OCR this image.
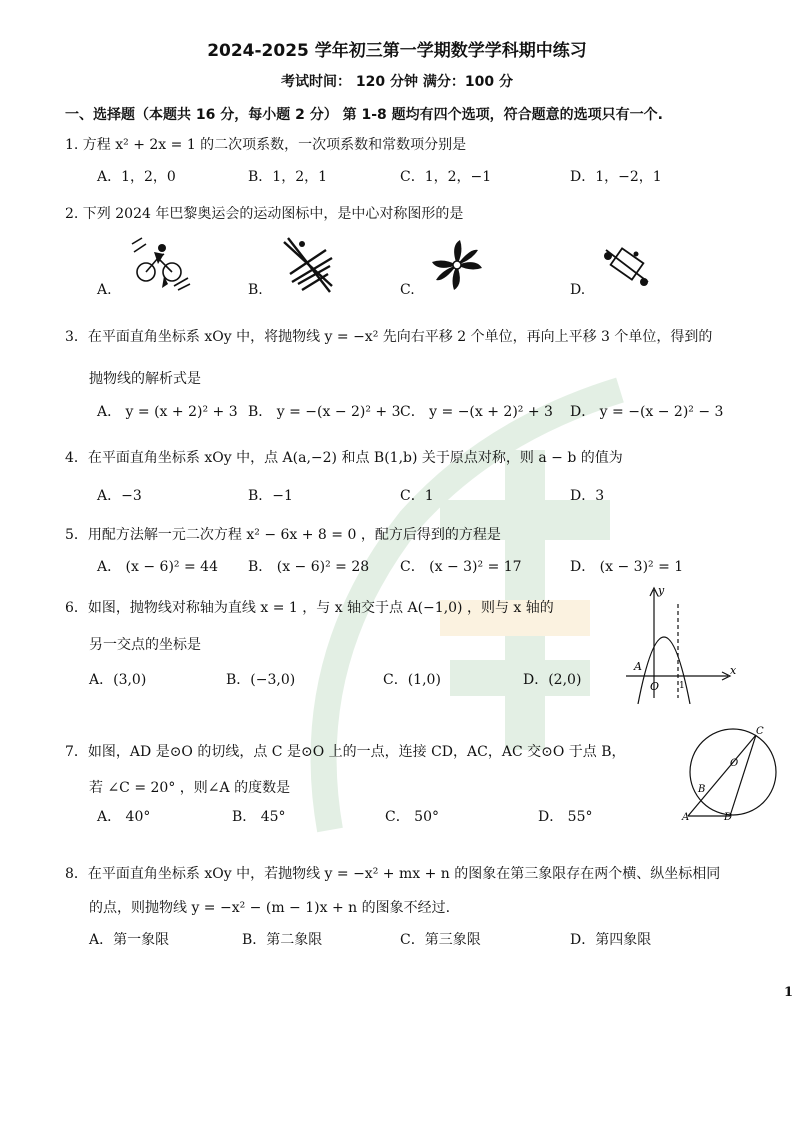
2024-2025 学年初三第一学期数学学科期中练习
考试时间： 120 分钟 满分：100 分
一、选择题（本题共 16 分，每小题 2 分） 第 1-8 题均有四个选项，符合题意的选项只有一个.
1. 方程 x² + 2x = 1 的二次项系数，一次项系数和常数项分别是
A．1，2，0	B．1，2，1	C．1，2，−1	D．1，−2，1
2. 下列 2024 年巴黎奥运会的运动图标中，是中心对称图形的是
A.	B.	C.	D.
3．在平面直角坐标系 xOy 中，将抛物线 y = −x² 先向右平移 2 个单位，再向上平移 3 个单位，得到的
抛物线的解析式是
A． y = (x + 2)² + 3 B． y = −(x − 2)² + 3 C． y = −(x + 2)² + 3 D． y = −(x − 2)² − 3
4．在平面直角坐标系 xOy 中，点 A(a,−2) 和点 B(1,b) 关于原点对称，则 a − b 的值为
A．−3	B．−1	C．1	D．3
5．用配方法解一元二次方程 x² − 6x + 8 = 0 ，配方后得到的方程是
A． (x − 6)² = 44 B． (x − 6)² = 28 C． (x − 3)² = 17	D． (x − 3)² = 1
6．如图，抛物线对称轴为直线 x = 1 ，与 x 轴交于点 A(−1,0) ，则与 x 轴的
另一交点的坐标是
A．(3,0)	B．(−3,0)	C．(1,0)	D．(2,0)
y
x
A
O 1
7．如图，AD 是⊙O 的切线，点 C 是⊙O 上的一点，连接 CD，AC，AC 交⊙O 于点 B，
若 ∠C = 20° ，则∠A 的度数是
A． 40°	B． 45°	C． 50°	D． 55°
C
O
B
A	D
8．在平面直角坐标系 xOy 中，若抛物线 y = −x² + mx + n 的图象在第三象限存在两个横、纵坐标相同
的点，则抛物线 y = −x² − (m − 1)x + n 的图象不经过.
A．第一象限	B．第二象限	C．第三象限	D．第四象限
1
